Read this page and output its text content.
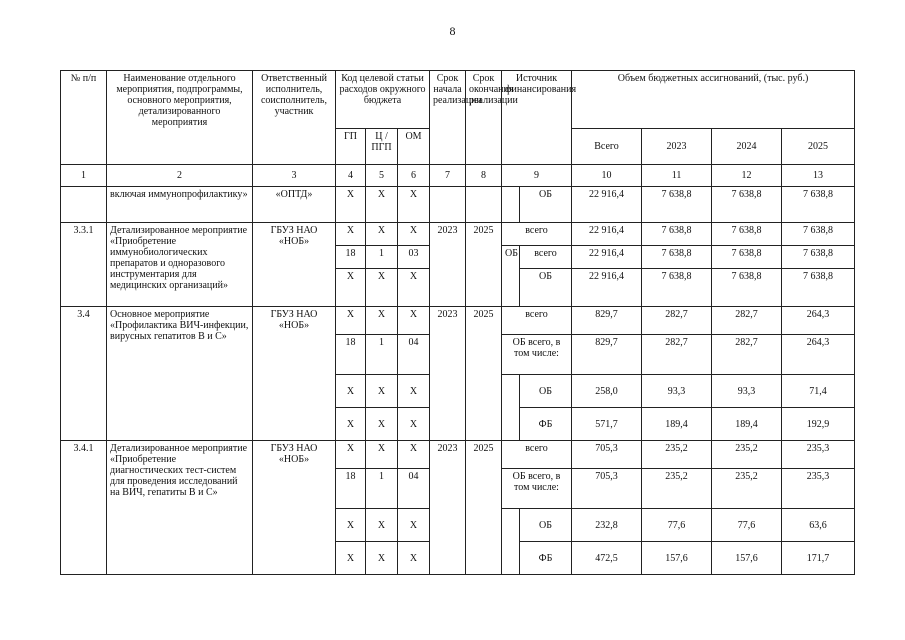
8
№ п/п	Наименование отдельного мероприятия, подпрограммы, основного мероприятия, детализированного мероприятия	Ответственный исполнитель, соисполнитель, участник	Код целевой статьи расходов окружного бюджета			Срок начала реализации	Срок окончания реализации	Источник финансирования		Объем бюджетных ассигнований, (тыс. руб.)			
			ГП	Ц / ПГП	ОМ					Всего	2023	2024	2025
1	2	3	4	5	6	7	8	9		10	11	12	13
	включая иммунопрофилактику»	«ОПТД»	X	X	X				ОБ	22 916,4	7 638,8	7 638,8	7 638,8
3.3.1	Детализированное мероприятие «Приобретение иммунобиологических препаратов и одноразового инструментария для медицинских организаций»	ГБУЗ НАО «НОБ»	X	X	X	2023	2025	всего		22 916,4	7 638,8	7 638,8	7 638,8
			18	1	03			ОБ	всего	22 916,4	7 638,8	7 638,8	7 638,8
			X	X	X				ОБ	22 916,4	7 638,8	7 638,8	7 638,8
3.4	Основное мероприятие «Профилактика ВИЧ-инфекции, вирусных гепатитов В и С»	ГБУЗ НАО «НОБ»	X	X	X	2023	2025	всего		829,7	282,7	282,7	264,3
			18	1	04			ОБ всего, в том числе:		829,7	282,7	282,7	264,3
			X	X	X				ОБ	258,0	93,3	93,3	71,4
			X	X	X				ФБ	571,7	189,4	189,4	192,9
3.4.1	Детализированное мероприятие «Приобретение диагностических тест-систем для проведения исследований на ВИЧ, гепатиты В и С»	ГБУЗ НАО «НОБ»	X	X	X	2023	2025	всего		705,3	235,2	235,2	235,3
			18	1	04			ОБ всего, в том числе:		705,3	235,2	235,2	235,3
			X	X	X				ОБ	232,8	77,6	77,6	63,6
			X	X	X				ФБ	472,5	157,6	157,6	171,7
